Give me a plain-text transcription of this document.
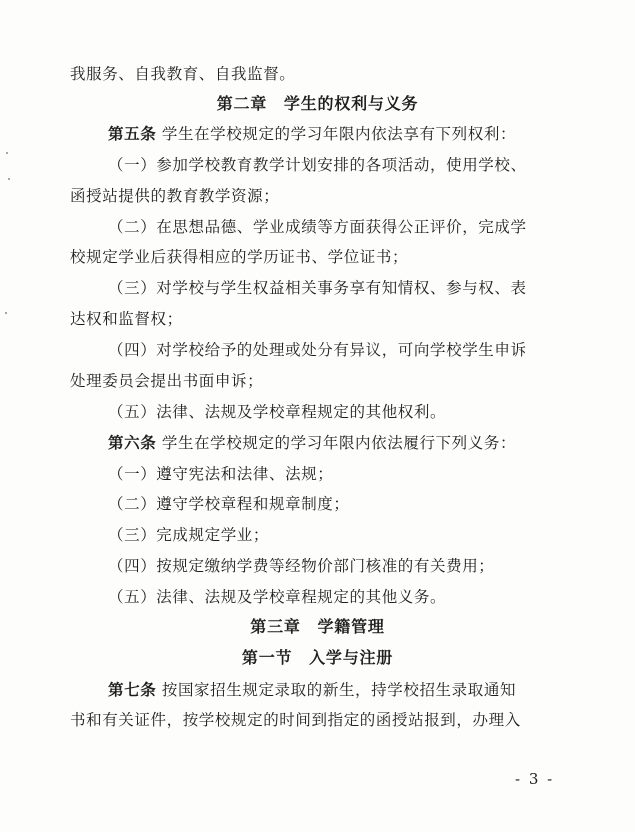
我服务、自我教育、自我监督。
第二章　学生的权利与义务
第五条 学生在学校规定的学习年限内依法享有下列权利：
（一）参加学校教育教学计划安排的各项活动，使用学校、
函授站提供的教育教学资源；
（二）在思想品德、学业成绩等方面获得公正评价，完成学
校规定学业后获得相应的学历证书、学位证书；
（三）对学校与学生权益相关事务享有知情权、参与权、表
达权和监督权；
（四）对学校给予的处理或处分有异议，可向学校学生申诉
处理委员会提出书面申诉；
（五）法律、法规及学校章程规定的其他权利。
第六条 学生在学校规定的学习年限内依法履行下列义务：
（一）遵守宪法和法律、法规；
（二）遵守学校章程和规章制度；
（三）完成规定学业；
（四）按规定缴纳学费等经物价部门核准的有关费用；
（五）法律、法规及学校章程规定的其他义务。
第三章　学籍管理
第一节　入学与注册
第七条 按国家招生规定录取的新生，持学校招生录取通知
书和有关证件，按学校规定的时间到指定的函授站报到，办理入
- 3 -
